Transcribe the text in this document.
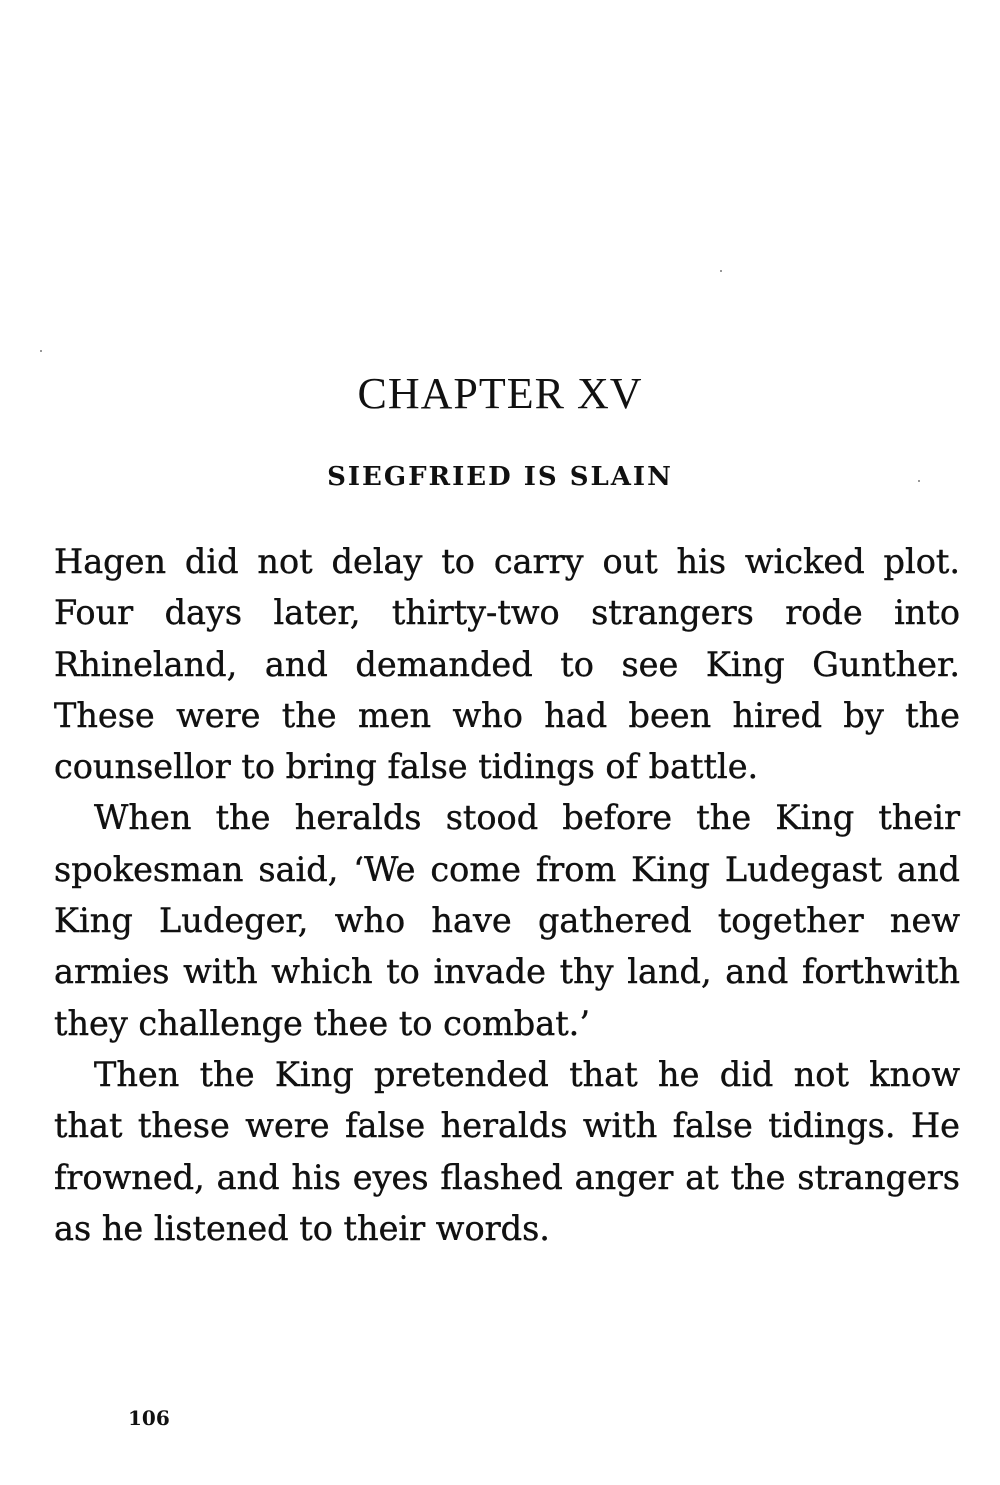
CHAPTER XV
SIEGFRIED IS SLAIN

Hagen did not delay to carry out his wicked plot. Four days later, thirty-two strangers rode into Rhineland, and demanded to see King Gunther. These were the men who had been hired by the counsellor to bring false tidings of battle.

When the heralds stood before the King their spokesman said, ‘We come from King Ludegast and King Ludeger, who have gathered together new armies with which to invade thy land, and forthwith they challenge thee to combat.’

Then the King pretended that he did not know that these were false heralds with false tidings. He frowned, and his eyes flashed anger at the strangers as he listened to their words.

106
